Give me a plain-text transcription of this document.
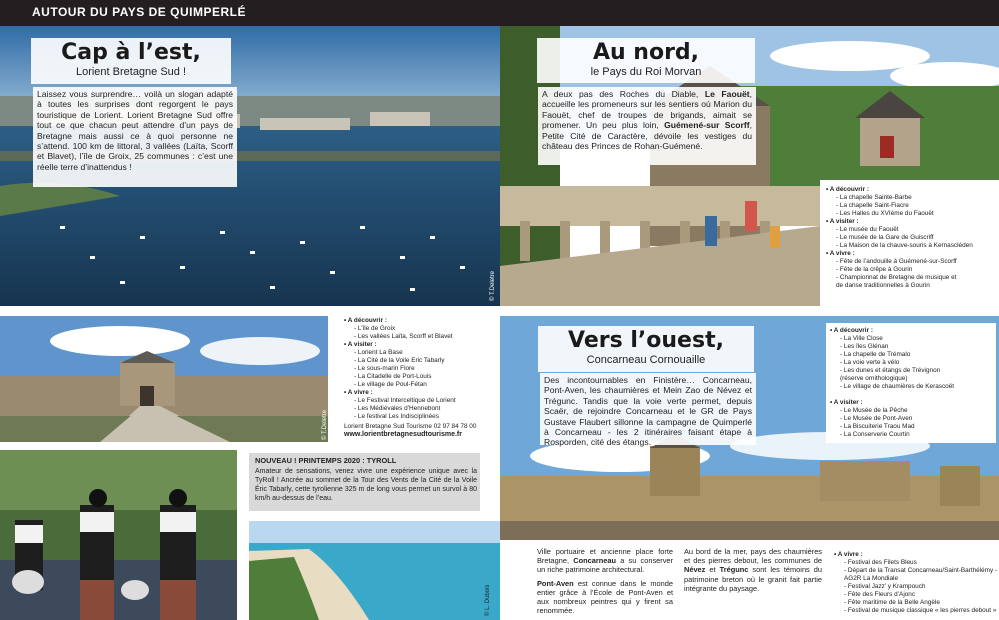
AUTOUR DU PAYS DE QUIMPERLÉ
© T.Deletre
Cap à l’est,
Lorient Bretagne Sud !
Laissez vous surprendre… voilà un slogan adapté à toutes les surprises dont regorgent le pays touristique de Lorient. Lorient Bretagne Sud offre tout ce que chacun peut attendre d’un pays de Bretagne mais aussi ce à quoi personne ne s’attend. 100 km de littoral, 3 vallées (Laïta, Scorff et Blavet), l’île de Groix, 25 communes : c’est une réelle terre d’inattendus !
Au nord,
le Pays du Roi Morvan
A deux pas des Roches du Diable, Le Faouët, accueille les promeneurs sur les sentiers où Marion du Faouët, chef de troupes de brigands, aimait se promener. Un peu plus loin, Guémené-sur Scorff, Petite Cité de Caractère, dévoile les vestiges du château des Princes de Rohan-Guémené.
• A découvrir :
- La chapelle Sainte-Barbe
- La chapelle Saint-Fiacre
- Les Halles du XVIème du Faouët
• A visiter :
- Le musée du Faouët
- Le musée de la Gare de Guiscriff
- La Maison de la chauve-souris à Kernascléden
• A vivre :
- Fête de l’andouille à Guémené-sur-Scorff
- Fête de la crêpe à Gourin
- Championnat de Bretagne de musique et
de danse traditionnelles à Gourin
© T.Deletre
• A découvrir :
- L’île de Groix
- Les vallées Laïta, Scorff et Blavet
• A visiter :
- Lorient La Base
- La Cité de la Voile Eric Tabarly
- Le sous-marin Flore
- La Citadelle de Port-Louis
- Le village de Poul-Fétan
• A vivre :
- Le Festival Interceltique de Lorient
- Les Médiévales d’Hennebont
- Le festival Les Indisciplinées
Lorient Bretagne Sud Tourisme 02 97 84 78 00
www.lorientbretagnesudtourisme.fr
NOUVEAU ! PRINTEMPS 2020 : TYROLL
Amateur de sensations, venez vivre une expérience unique avec la TyRoll ! Ancrée au sommet de la Tour des Vents de la Cité de la Voile Éric Tabarly, cette tyrolienne 325 m de long vous permet un survol à 80 km/h au-dessus de l’eau.
© L. Dubois
Vers l’ouest,
Concarneau Cornouaille
Des incontournables en Finistère… Concarneau, Pont-Aven, les chaumières et Mein Zao de Névez et Trégunc. Tandis que la voie verte permet, depuis Scaër, de rejoindre Concarneau et le GR de Pays Gustave Flaubert sillonne la campagne de Quimperlé à Concarneau - les 2 itinéraires faisant étape à Rosporden, cité des étangs.
• A découvrir :
- La Ville Close
- Les îles Glénan
- La chapelle de Trémalo
- La voie verte à vélo
- Les dunes et étangs de Trévignon
(réserve ornithologique)
- Le village de chaumières de Kerascoët
• A visiter :
- Le Musée de la Pêche
- Le Musée de Pont-Aven
- La Biscuiterie Traou Mad
- La Conserverie Courtin
Ville portuaire et ancienne place forte Bretagne, Concarneau a su conserver un riche patrimoine architectural.
Pont-Aven est connue dans le monde entier grâce à l’École de Pont-Aven et aux nombreux peintres qui y firent sa renommée.
Au bord de la mer, pays des chaumières et des pierres debout, les communes de Névez et Trégunc sont les témoins du patrimoine breton où le granit fait partie intégrante du paysage.
• A vivre :
- Festival des Filets Bleus
- Départ de la Transat Concarneau/Saint-Barthélémy -
AG2R La Mondiale
- Festival Jazz’ y Krampouch
- Fête des Fleurs d’Ajonc
- Fête maritime de la Belle Angèle
- Festival de musique classique « les pierres debout »
